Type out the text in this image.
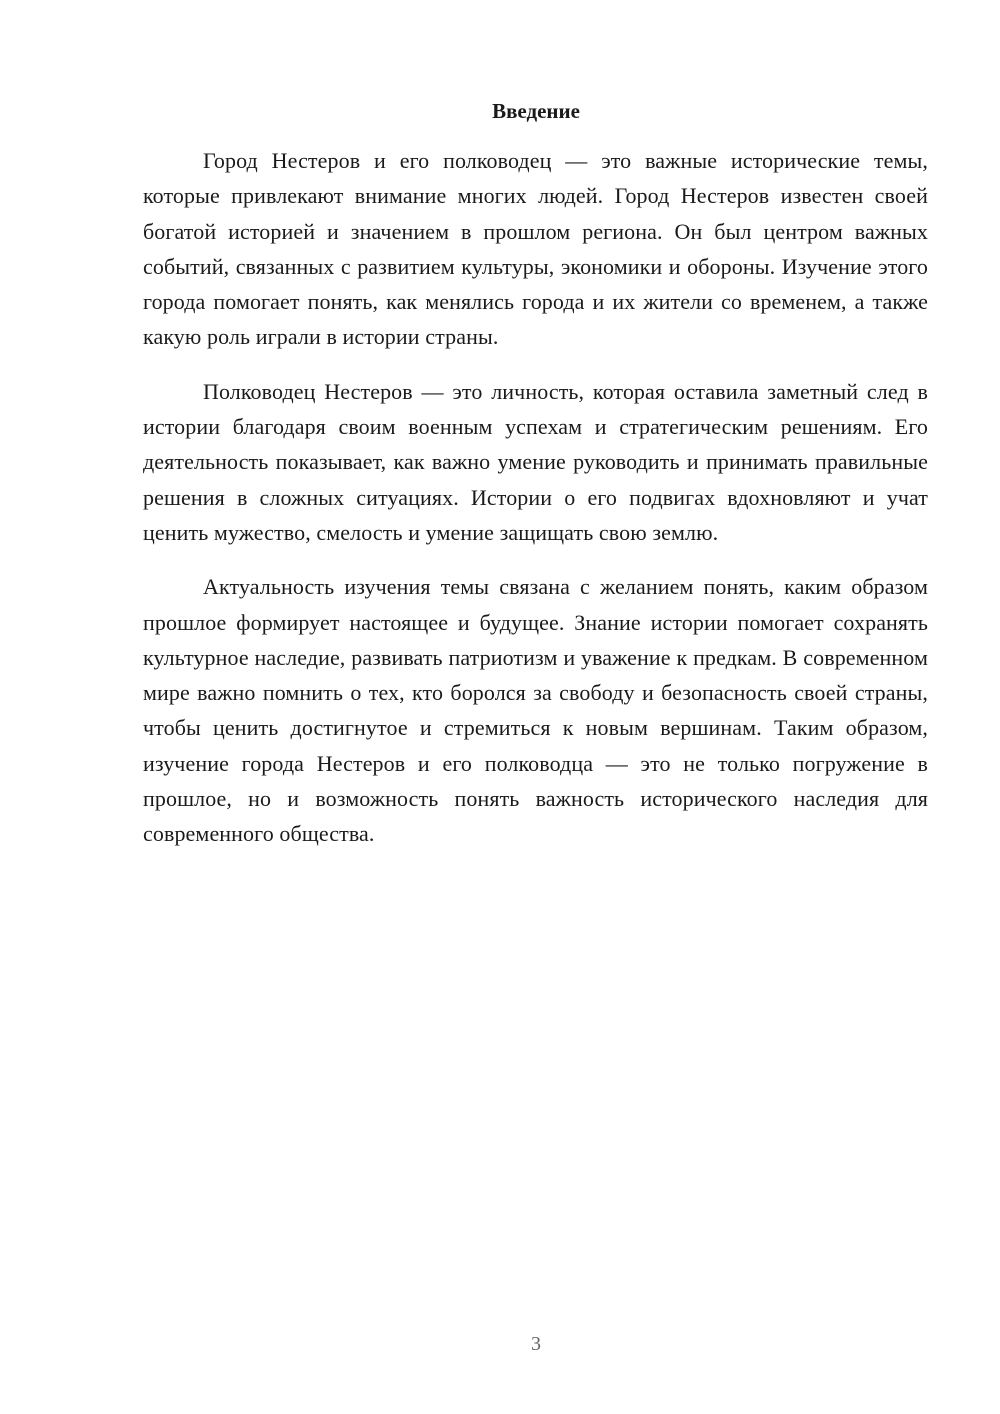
Введение

Город Нестеров и его полководец — это важные исторические темы, которые привлекают внимание многих людей. Город Нестеров известен своей богатой историей и значением в прошлом региона. Он был центром важных событий, связанных с развитием культуры, экономики и обороны. Изучение этого города помогает понять, как менялись города и их жители со временем, а также какую роль играли в истории страны.

Полководец Нестеров — это личность, которая оставила заметный след в истории благодаря своим военным успехам и стратегическим решениям. Его деятельность показывает, как важно умение руководить и принимать правильные решения в сложных ситуациях. Истории о его подвигах вдохновляют и учат ценить мужество, смелость и умение защищать свою землю.

Актуальность изучения темы связана с желанием понять, каким образом прошлое формирует настоящее и будущее. Знание истории помогает сохранять культурное наследие, развивать патриотизм и уважение к предкам. В современном мире важно помнить о тех, кто боролся за свободу и безопасность своей страны, чтобы ценить достигнутое и стремиться к новым вершинам. Таким образом, изучение города Нестеров и его полководца — это не только погружение в прошлое, но и возможность понять важность исторического наследия для современного общества.

3
